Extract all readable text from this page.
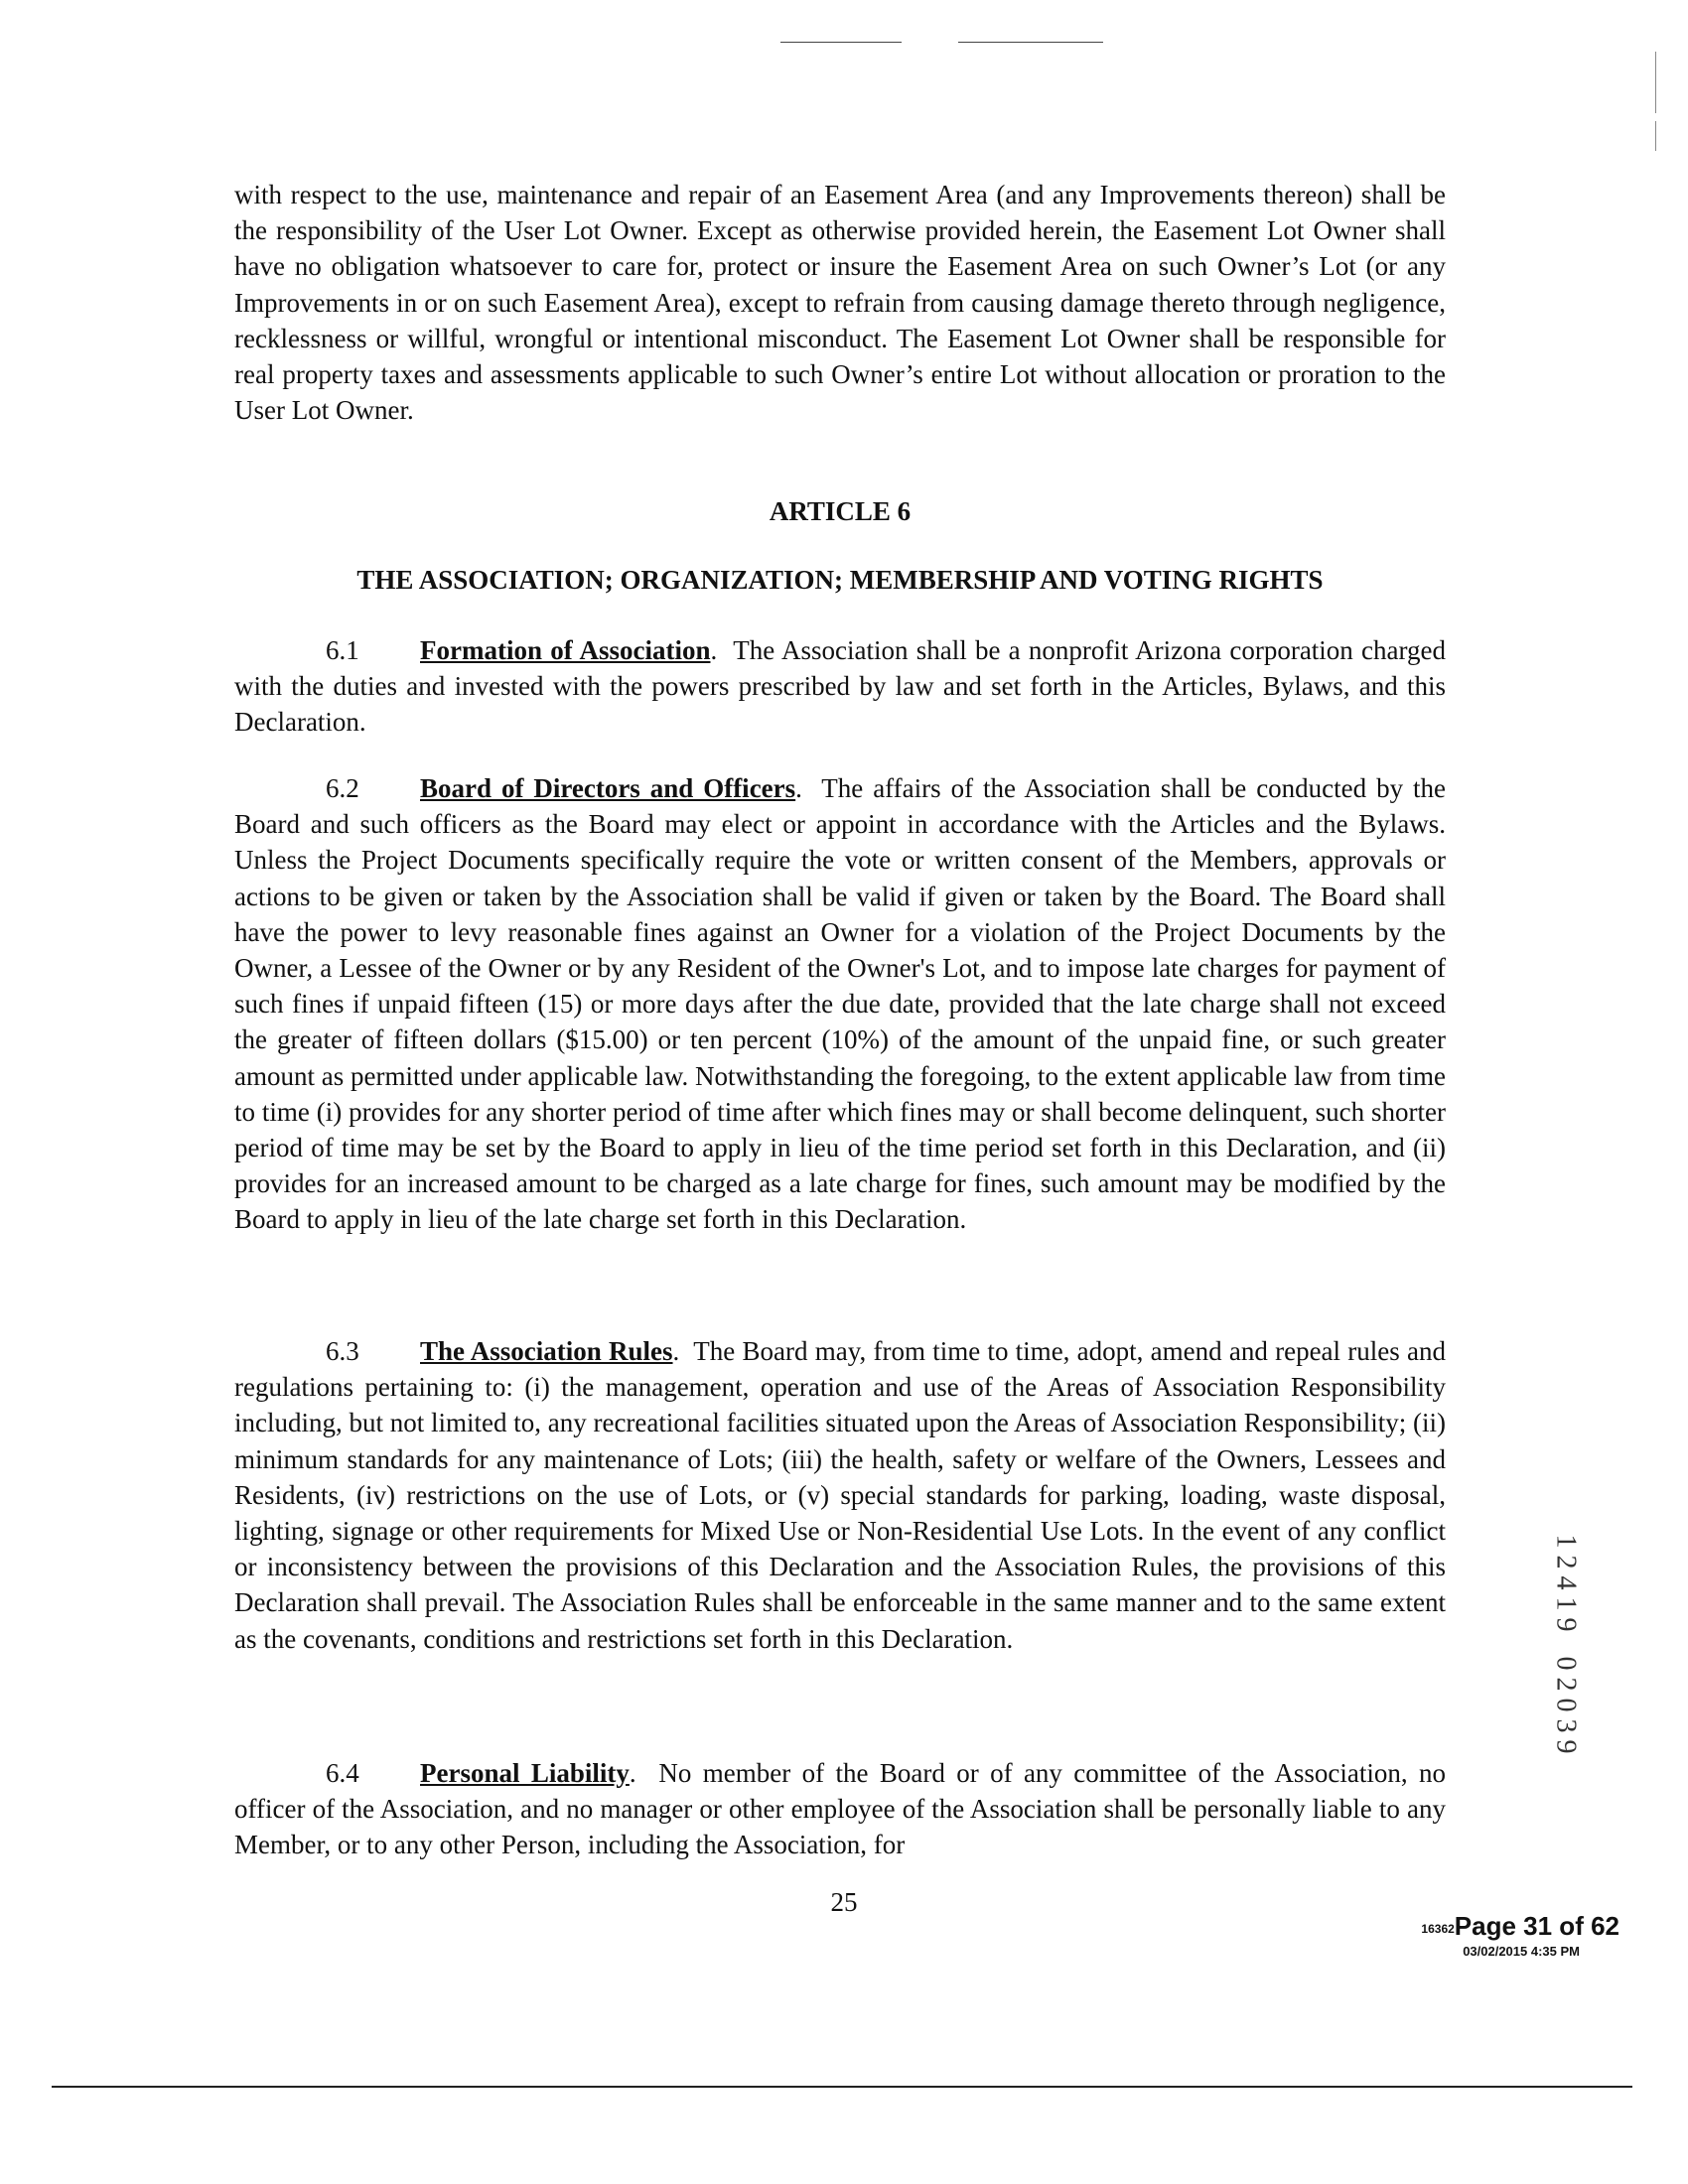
with respect to the use, maintenance and repair of an Easement Area (and any Improvements thereon) shall be the responsibility of the User Lot Owner. Except as otherwise provided herein, the Easement Lot Owner shall have no obligation whatsoever to care for, protect or insure the Easement Area on such Owner’s Lot (or any Improvements in or on such Easement Area), except to refrain from causing damage thereto through negligence, recklessness or willful, wrongful or intentional misconduct. The Easement Lot Owner shall be responsible for real property taxes and assessments applicable to such Owner’s entire Lot without allocation or proration to the User Lot Owner.
ARTICLE 6
THE ASSOCIATION; ORGANIZATION; MEMBERSHIP AND VOTING RIGHTS
6.1 Formation of Association.  The Association shall be a nonprofit Arizona corporation charged with the duties and invested with the powers prescribed by law and set forth in the Articles, Bylaws, and this Declaration.
6.2 Board of Directors and Officers.  The affairs of the Association shall be conducted by the Board and such officers as the Board may elect or appoint in accordance with the Articles and the Bylaws. Unless the Project Documents specifically require the vote or written consent of the Members, approvals or actions to be given or taken by the Association shall be valid if given or taken by the Board. The Board shall have the power to levy reasonable fines against an Owner for a violation of the Project Documents by the Owner, a Lessee of the Owner or by any Resident of the Owner's Lot, and to impose late charges for payment of such fines if unpaid fifteen (15) or more days after the due date, provided that the late charge shall not exceed the greater of fifteen dollars ($15.00) or ten percent (10%) of the amount of the unpaid fine, or such greater amount as permitted under applicable law. Notwithstanding the foregoing, to the extent applicable law from time to time (i) provides for any shorter period of time after which fines may or shall become delinquent, such shorter period of time may be set by the Board to apply in lieu of the time period set forth in this Declaration, and (ii) provides for an increased amount to be charged as a late charge for fines, such amount may be modified by the Board to apply in lieu of the late charge set forth in this Declaration.
6.3 The Association Rules.  The Board may, from time to time, adopt, amend and repeal rules and regulations pertaining to: (i) the management, operation and use of the Areas of Association Responsibility including, but not limited to, any recreational facilities situated upon the Areas of Association Responsibility; (ii) minimum standards for any maintenance of Lots; (iii) the health, safety or welfare of the Owners, Lessees and Residents, (iv) restrictions on the use of Lots, or (v) special standards for parking, loading, waste disposal, lighting, signage or other requirements for Mixed Use or Non-Residential Use Lots. In the event of any conflict or inconsistency between the provisions of this Declaration and the Association Rules, the provisions of this Declaration shall prevail. The Association Rules shall be enforceable in the same manner and to the same extent as the covenants, conditions and restrictions set forth in this Declaration.
6.4 Personal Liability.  No member of the Board or of any committee of the Association, no officer of the Association, and no manager or other employee of the Association shall be personally liable to any Member, or to any other Person, including the Association, for
25
1
2
4
1
9
0
2
0
3
9
16362Page 31 of 62
03/02/2015 4:35 PM
